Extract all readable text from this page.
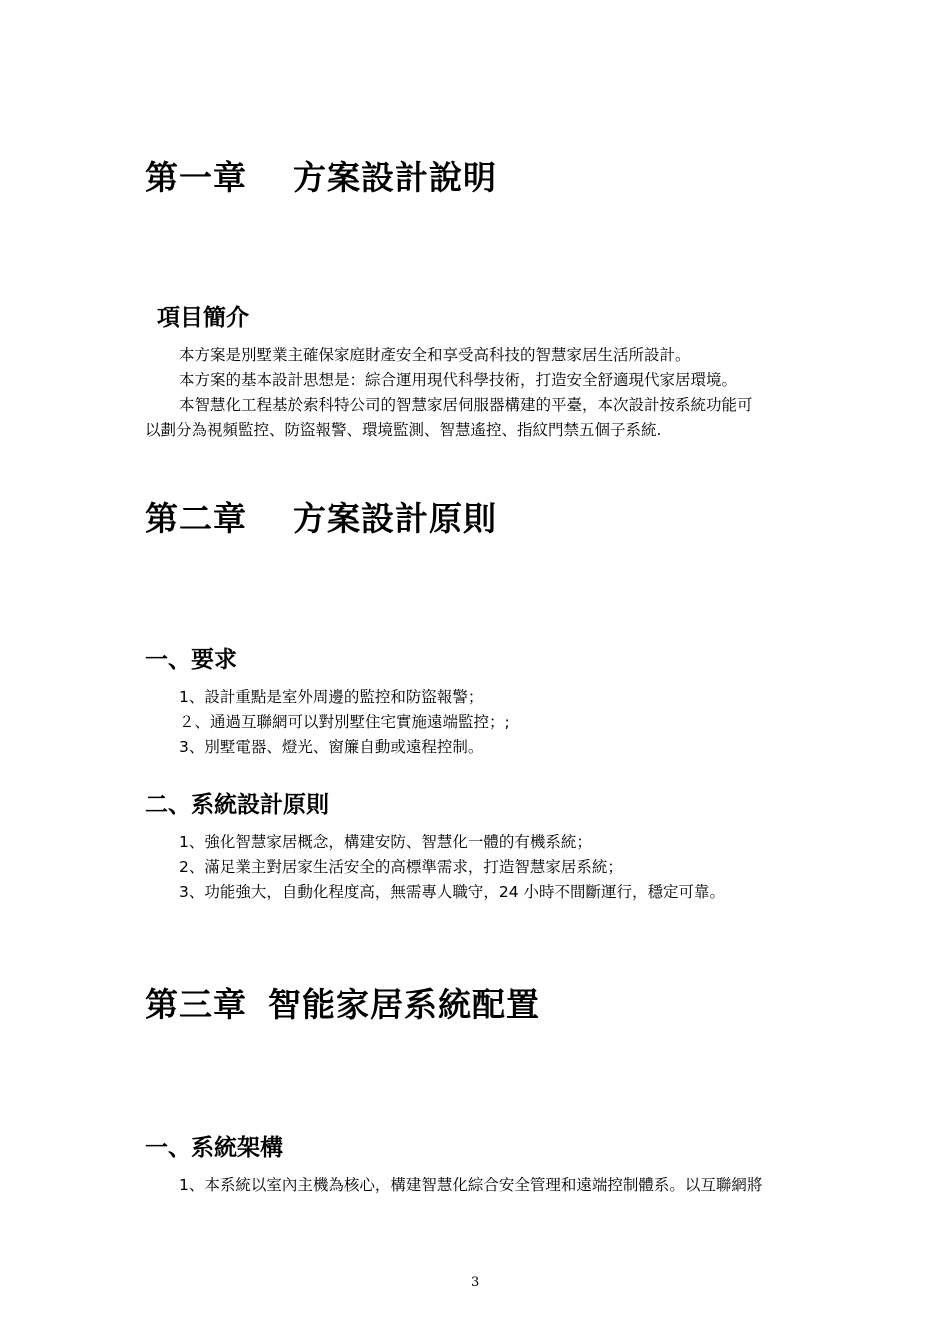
第一章 方案設計說明
項目簡介
本方案是別墅業主確保家庭財產安全和享受高科技的智慧家居生活所設計。
本方案的基本設計思想是：綜合運用現代科學技術，打造安全舒適現代家居環境。
本智慧化工程基於索科特公司的智慧家居伺服器構建的平臺，本次設計按系統功能可
以劃分為視頻監控、防盜報警、環境監測、智慧遙控、指紋門禁五個子系統.
第二章 方案設計原則
一、要求
1、設計重點是室外周邊的監控和防盜報警；
２、通過互聯網可以對別墅住宅實施遠端監控；;
3、別墅電器、燈光、窗簾自動或遠程控制。
二、系統設計原則
1、強化智慧家居概念，構建安防、智慧化一體的有機系統；
2、滿足業主對居家生活安全的高標準需求，打造智慧家居系統；
3、功能強大，自動化程度高，無需專人職守，24 小時不間斷運行，穩定可靠。
第三章 智能家居系統配置
一、系統架構
1、本系統以室內主機為核心，構建智慧化綜合安全管理和遠端控制體系。以互聯網將
3
